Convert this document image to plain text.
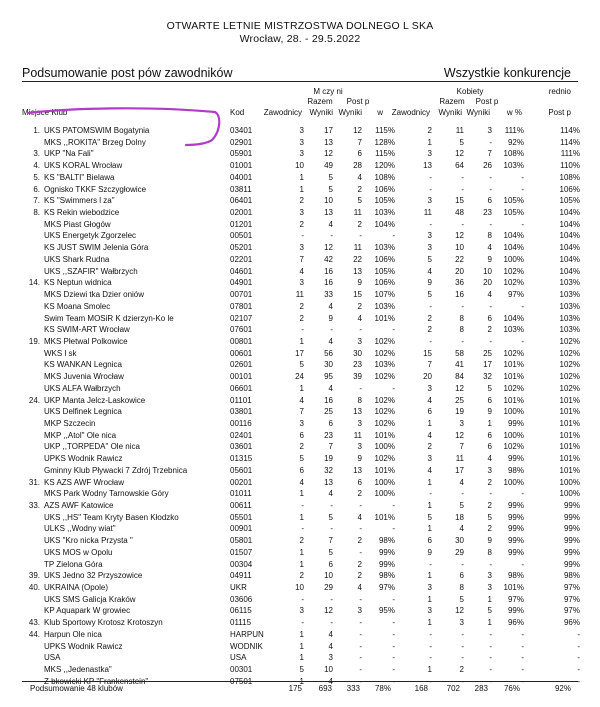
OTWARTE LETNIE MISTRZOSTWA DOLNEGO L SKA
Wrocław, 28. - 29.5.2022
Podsumowanie post pów zawodników	Wszystkie konkurencje
M czy ni	Kobiety	rednio
Razem Post p	Razem Post p
Miejsce Klub	Kod Zawodnicy Wyniki Wyniki w Zawodnicy Wyniki Wyniki w %	Post p
1.	UKS PATOMSWIM Bogatynia	03401	3	17	12	115%	2	11	3	111%	114%
	MKS ,,ROKITA" Brzeg Dolny	02901	3	13	7	128%	1	5	-	92%	114%
3.	UKP "Na Fali"	05901	3	12	6	115%	3	12	7	108%	111%
4.	UKS KORAL Wrocław	01001	10	49	28	120%	13	64	26	103%	110%
5.	KS "BALTI" Bielawa	04001	1	5	4	108%	-	-	-	-	108%
6.	Ognisko TKKF Szczygłowice	03811	1	5	2	106%	-	-	-	-	106%
7.	KS "Swimmers l za"	06401	2	10	5	105%	3	15	6	105%	105%
8.	KS Rekin wiebodzice	02001	3	13	11	103%	11	48	23	105%	104%
	MKS Piast Głogów	01201	2	4	2	104%	-	-	-	-	104%
	UKS Energetyk Zgorzelec	00501	-	-	-	-	3	12	8	104%	104%
	KS JUST SWIM Jelenia Góra	05201	3	12	11	103%	3	10	4	104%	104%
	UKS Shark Rudna	02201	7	42	22	106%	5	22	9	100%	104%
	UKS ,,SZAFIR" Wałbrzych	04601	4	16	13	105%	4	20	10	102%	104%
14.	KS Neptun widnica	04901	3	16	9	106%	9	36	20	102%	103%
	MKS Dziewi tka Dzier oniów	00701	11	33	15	107%	5	16	4	97%	103%
	KS Moana Smolec	07801	2	4	2	103%	-	-	-	-	103%
	Swim Team MOSiR K dzierzyn-Ko le	02107	2	9	4	101%	2	8	6	104%	103%
	KS SWIM-ART Wrocław	07601	-	-	-	-	2	8	2	103%	103%
19.	MKS Płetwal Polkowice	00801	1	4	3	102%	-	-	-	-	102%
	WKS l sk	00601	17	56	30	102%	15	58	25	102%	102%
	KS WANKAN Legnica	02601	5	30	23	103%	7	41	17	101%	102%
	MKS Juvenia Wrocław	00101	24	95	39	102%	20	84	32	101%	102%
	UKS ALFA Wałbrzych	06601	1	4	-	-	3	12	5	102%	102%
24.	UKP Manta Jelcz-Laskowice	01101	4	16	8	102%	4	25	6	101%	101%
	UKS Delfinek Legnica	03801	7	25	13	102%	6	19	9	100%	101%
	MKP Szczecin	00116	3	6	3	102%	1	3	1	99%	101%
	MKP ,,Atol" Ole nica	02401	6	23	11	101%	4	12	6	100%	101%
	UKP ,,TORPEDA" Ole nica	03601	2	7	3	100%	2	7	6	102%	101%
	UPKS Wodnik Rawicz	01315	5	19	9	102%	3	11	4	99%	101%
	Gminny Klub Pływacki 7 Zdrój Trzebnica	05601	6	32	13	101%	4	17	3	98%	101%
31.	KS AZS AWF Wrocław	00201	4	13	6	100%	1	4	2	100%	100%
	MKS Park Wodny Tarnowskie Góry	01011	1	4	2	100%	-	-	-	-	100%
33.	AZS AWF Katowice	00611	-	-	-	-	1	5	2	99%	99%
	UKS ,,HS" Team Kryty Basen Kłodzko	05501	1	5	4	101%	5	18	5	99%	99%
	ULKS ,,Wodny wiat"	00901	-	-	-	-	1	4	2	99%	99%
	UKS "Kro nicka Przysta "	05801	2	7	2	98%	6	30	9	99%	99%
	UKS MOS w Opolu	01507	1	5	-	99%	9	29	8	99%	99%
	TP Zielona Góra	00304	1	6	2	99%	-	-	-	-	99%
39.	UKS Jedno 32 Przyszowice	04911	2	10	2	98%	1	6	3	98%	98%
40.	UKRAINA (Opole)	UKR	10	29	4	97%	3	8	3	101%	97%
	UKS SMS Galicja Kraków	03606	-	-	-	-	1	5	1	97%	97%
	KP Aquapark W growiec	06115	3	12	3	95%	3	12	5	99%	97%
43.	Klub Sportowy Krotosz Krotoszyn	01115	-	-	-	-	1	3	1	96%	96%
44.	Harpun Ole nica	HARPUN	1	4	-	-	-	-	-	-	-
	UPKS Wodnik Rawicz	WODNIK	1	4	-	-	-	-	-	-	-
	USA	USA	1	3	-	-	-	-	-	-	-
	MKS ,,Jedenastka"	00301	5	10	-	-	1	2	-	-	-
	Z bkowicki KP "Frankenstein"	07501	1	4	-	-	-	-	-	-	-
Podsumowanie 48 klubów	175 693 333 78%	168 702 283 76%	92%
